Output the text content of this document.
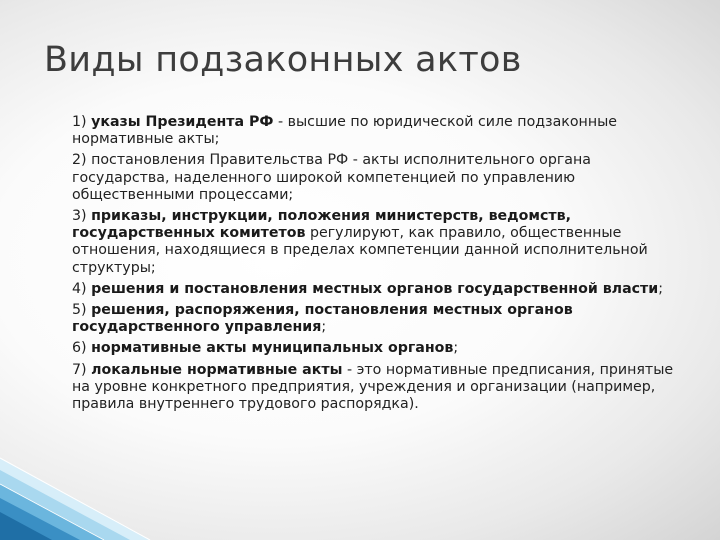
Виды подзаконных актов
1) указы Президента РФ - высшие по юридической силе подзаконные нормативные акты;
2) постановления Правительства РФ - акты исполнительного органа государства, наделенного широкой компетенцией по управлению общественными процессами;
3) приказы, инструкции, положения министерств, ведомств, государственных комитетов регулируют, как правило, общественные отношения, находящиеся в пределах компетенции данной исполнительной структуры;
4) решения и постановления местных органов государственной власти;
5) решения, распоряжения, постановления местных органов государственного управления;
6) нормативные акты муниципальных органов;
7) локальные нормативные акты - это нормативные предписания, принятые на уровне конкретного предприятия, учреждения и организации (например, правила внутреннего трудового распорядка).
